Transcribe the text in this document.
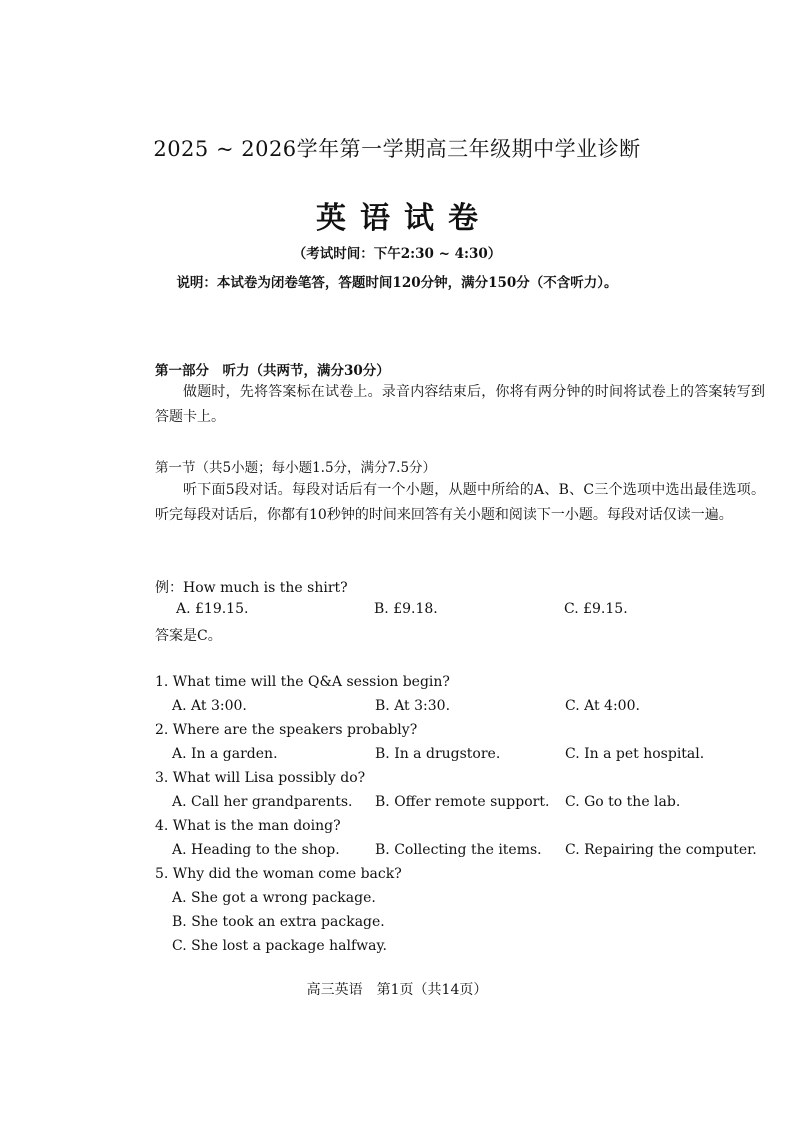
2025 ~ 2026学年第一学期高三年级期中学业诊断
英语试卷
（考试时间：下午2:30 ~ 4:30）
说明：本试卷为闭卷笔答，答题时间120分钟，满分150分（不含听力）。
第一部分　听力（共两节，满分30分）
做题时，先将答案标在试卷上。录音内容结束后，你将有两分钟的时间将试卷上的答案转写到答题卡上。
第一节（共5小题；每小题1.5分，满分7.5分）
听下面5段对话。每段对话后有一个小题，从题中所给的A、B、C三个选项中选出最佳选项。听完每段对话后，你都有10秒钟的时间来回答有关小题和阅读下一小题。每段对话仅读一遍。
例：How much is the shirt?
A. £19.15.	B. £9.18.	C. £9.15.
答案是C。
1. What time will the Q&A session begin?
A. At 3:00.	B. At 3:30.	C. At 4:00.
2. Where are the speakers probably?
A. In a garden.	B. In a drugstore.	C. In a pet hospital.
3. What will Lisa possibly do?
A. Call her grandparents. B. Offer remote support. C. Go to the lab.
4. What is the man doing?
A. Heading to the shop.	B. Collecting the items. C. Repairing the computer.
5. Why did the woman come back?
A. She got a wrong package.
B. She took an extra package.
C. She lost a package halfway.
高三英语　第1页（共14页）
